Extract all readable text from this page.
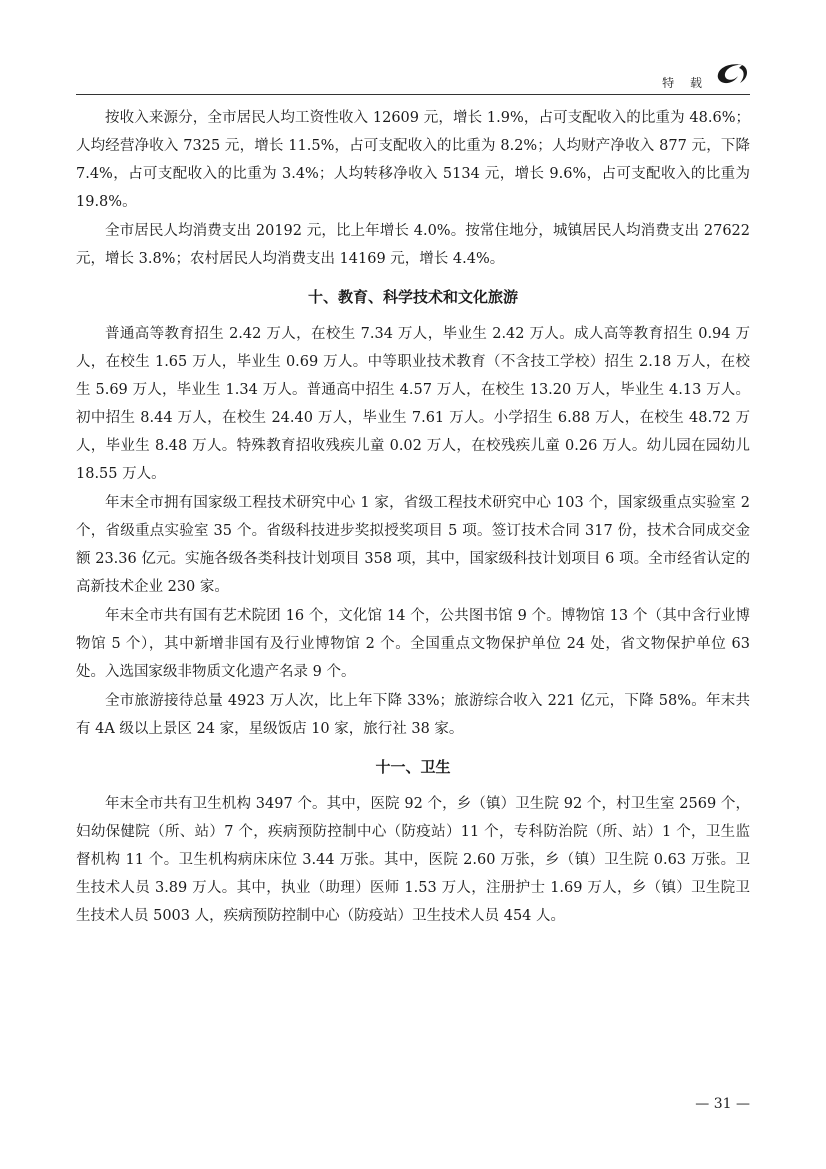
特 载

按收入来源分，全市居民人均工资性收入 12609 元，增长 1.9%，占可支配收入的比重为 48.6%；人均经营净收入 7325 元，增长 11.5%，占可支配收入的比重为 8.2%；人均财产净收入 877 元，下降 7.4%，占可支配收入的比重为 3.4%；人均转移净收入 5134 元，增长 9.6%，占可支配收入的比重为 19.8%。

全市居民人均消费支出 20192 元，比上年增长 4.0%。按常住地分，城镇居民人均消费支出 27622 元，增长 3.8%；农村居民人均消费支出 14169 元，增长 4.4%。

十、教育、科学技术和文化旅游

普通高等教育招生 2.42 万人，在校生 7.34 万人，毕业生 2.42 万人。成人高等教育招生 0.94 万人，在校生 1.65 万人，毕业生 0.69 万人。中等职业技术教育（不含技工学校）招生 2.18 万人，在校生 5.69 万人，毕业生 1.34 万人。普通高中招生 4.57 万人，在校生 13.20 万人，毕业生 4.13 万人。初中招生 8.44 万人，在校生 24.40 万人，毕业生 7.61 万人。小学招生 6.88 万人，在校生 48.72 万人，毕业生 8.48 万人。特殊教育招收残疾儿童 0.02 万人，在校残疾儿童 0.26 万人。幼儿园在园幼儿 18.55 万人。

年末全市拥有国家级工程技术研究中心 1 家，省级工程技术研究中心 103 个，国家级重点实验室 2 个，省级重点实验室 35 个。省级科技进步奖拟授奖项目 5 项。签订技术合同 317 份，技术合同成交金额 23.36 亿元。实施各级各类科技计划项目 358 项，其中，国家级科技计划项目 6 项。全市经省认定的高新技术企业 230 家。

年末全市共有国有艺术院团 16 个，文化馆 14 个，公共图书馆 9 个。博物馆 13 个（其中含行业博物馆 5 个），其中新增非国有及行业博物馆 2 个。全国重点文物保护单位 24 处，省文物保护单位 63 处。入选国家级非物质文化遗产名录 9 个。

全市旅游接待总量 4923 万人次，比上年下降 33%；旅游综合收入 221 亿元，下降 58%。年末共有 4A 级以上景区 24 家，星级饭店 10 家，旅行社 38 家。

十一、卫生

年末全市共有卫生机构 3497 个。其中，医院 92 个，乡（镇）卫生院 92 个，村卫生室 2569 个，妇幼保健院（所、站）7 个，疾病预防控制中心（防疫站）11 个，专科防治院（所、站）1 个，卫生监督机构 11 个。卫生机构病床床位 3.44 万张。其中，医院 2.60 万张，乡（镇）卫生院 0.63 万张。卫生技术人员 3.89 万人。其中，执业（助理）医师 1.53 万人，注册护士 1.69 万人，乡（镇）卫生院卫生技术人员 5003 人，疾病预防控制中心（防疫站）卫生技术人员 454 人。

— 31 —
